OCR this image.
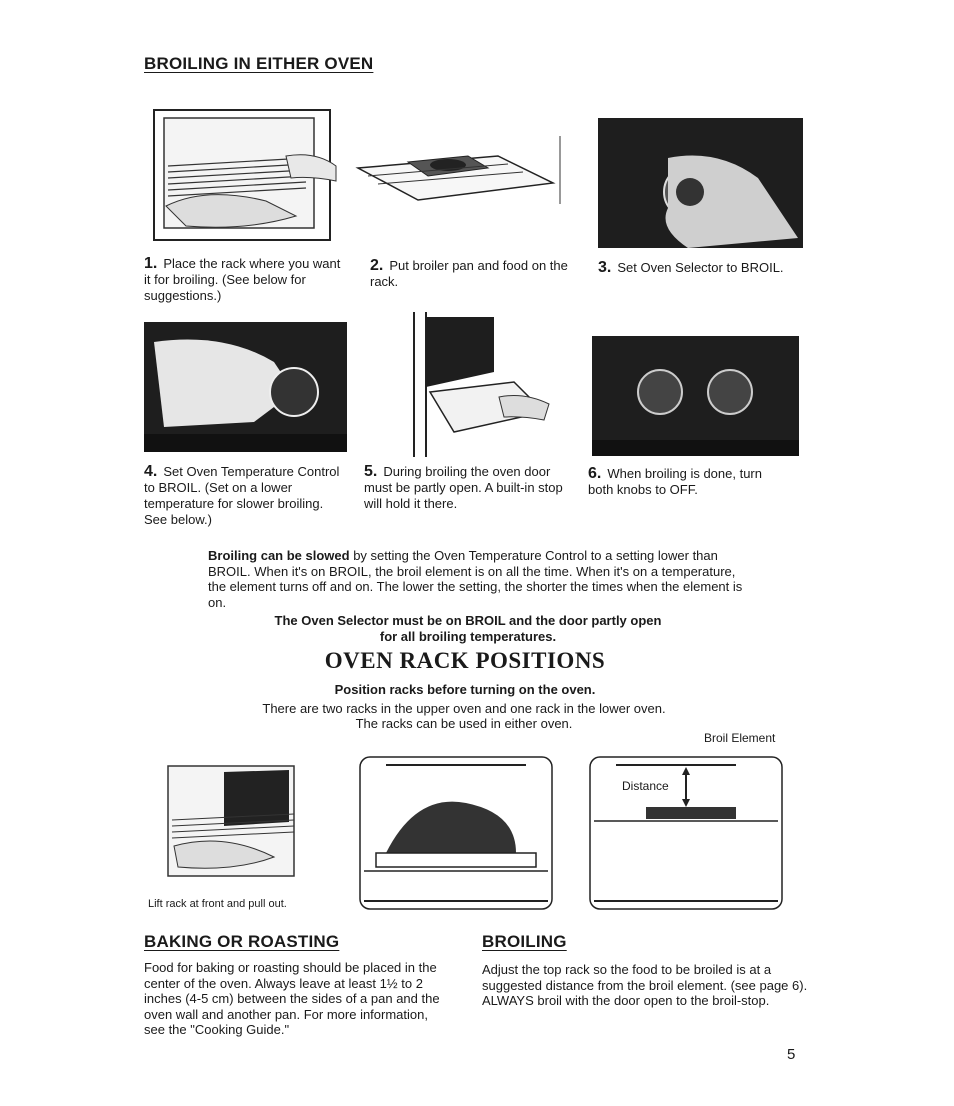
BROILING IN EITHER OVEN
1. Place the rack where you want it for broiling. (See below for suggestions.)
2. Put broiler pan and food on the rack.
3. Set Oven Selector to BROIL.
4. Set Oven Temperature Control to BROIL. (Set on a lower temperature for slower broiling. See below.)
5. During broiling the oven door must be partly open. A built-in stop will hold it there.
6. When broiling is done, turn both knobs to OFF.
Broiling can be slowed by setting the Oven Temperature Control to a setting lower than BROIL. When it's on BROIL, the broil element is on all the time. When it's on a temperature, the element turns off and on. The lower the setting, the shorter the times when the element is on.
The Oven Selector must be on BROIL and the door partly open for all broiling temperatures.
OVEN RACK POSITIONS
Position racks before turning on the oven.
There are two racks in the upper oven and one rack in the lower oven.
The racks can be used in either oven.
Broil Element
Lift rack at front and pull out.
Distance
BAKING OR ROASTING
Food for baking or roasting should be placed in the center of the oven. Always leave at least 1½ to 2 inches (4-5 cm) between the sides of a pan and the oven wall and another pan. For more information, see the "Cooking Guide."
BROILING
Adjust the top rack so the food to be broiled is at a suggested distance from the broil element. (see page 6). ALWAYS broil with the door open to the broil-stop.
5
